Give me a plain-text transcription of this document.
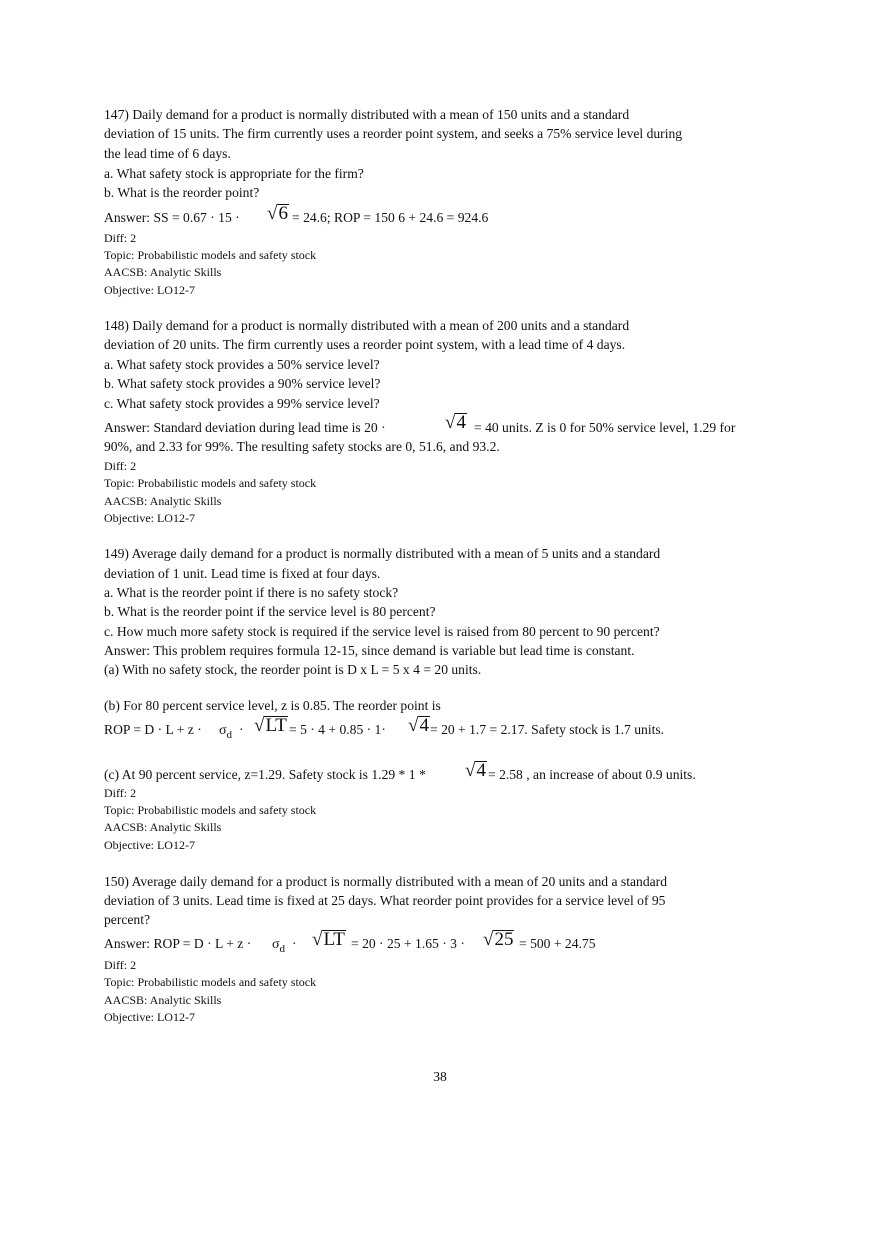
147) Daily demand for a product is normally distributed with a mean of 150 units and a standard
deviation of 15 units. The firm currently uses a reorder point system, and seeks a 75% service level during
the lead time of 6 days.
a. What safety stock is appropriate for the firm?
b. What is the reorder point?
Answer: SS = 0.67 · 15 · √6 = 24.6; ROP = 150 6 + 24.6 = 924.6
Diff: 2
Topic: Probabilistic models and safety stock
AACSB: Analytic Skills
Objective: LO12-7
148) Daily demand for a product is normally distributed with a mean of 200 units and a standard
deviation of 20 units. The firm currently uses a reorder point system, with a lead time of 4 days.
a. What safety stock provides a 50% service level?
b. What safety stock provides a 90% service level?
c. What safety stock provides a 99% service level?
Answer: Standard deviation during lead time is 20 ·	√4 = 40 units. Z is 0 for 50% service level, 1.29 for
90%, and 2.33 for 99%. The resulting safety stocks are 0, 51.6, and 93.2.
Diff: 2
Topic: Probabilistic models and safety stock
AACSB: Analytic Skills
Objective: LO12-7
149) Average daily demand for a product is normally distributed with a mean of 5 units and a standard
deviation of 1 unit. Lead time is fixed at four days.
a. What is the reorder point if there is no safety stock?
b. What is the reorder point if the service level is 80 percent?
c. How much more safety stock is required if the service level is raised from 80 percent to 90 percent?
Answer: This problem requires formula 12-15, since demand is variable but lead time is constant.
(a) With no safety stock, the reorder point is D x L = 5 x 4 = 20 units.
(b) For 80 percent service level, z is 0.85. The reorder point is
ROP = $D \cdot L + z \cdot \sigma_d \cdot √LT = 5 \cdot 4 + 0.85 \cdot 1\cdot √4 = 20 + 1.7 = 2.17$. Safety stock is 1.7 units.
(c) At 90 percent service, z=1.29. Safety stock is 1.29 * 1 * √4 = 2.58 , an increase of about 0.9 units.
Diff: 2
Topic: Probabilistic models and safety stock
AACSB: Analytic Skills
Objective: LO12-7
150) Average daily demand for a product is normally distributed with a mean of 20 units and a standard
deviation of 3 units. Lead time is fixed at 25 days. What reorder point provides for a service level of 95
percent?
Answer: ROP = $D \cdot L + z \cdot \sigma_d \cdot √LT = 20 \cdot 25 + 1.65 \cdot 3 \cdot √25 = 500 + 24.75$
Diff: 2
Topic: Probabilistic models and safety stock
AACSB: Analytic Skills
Objective: LO12-7
38
